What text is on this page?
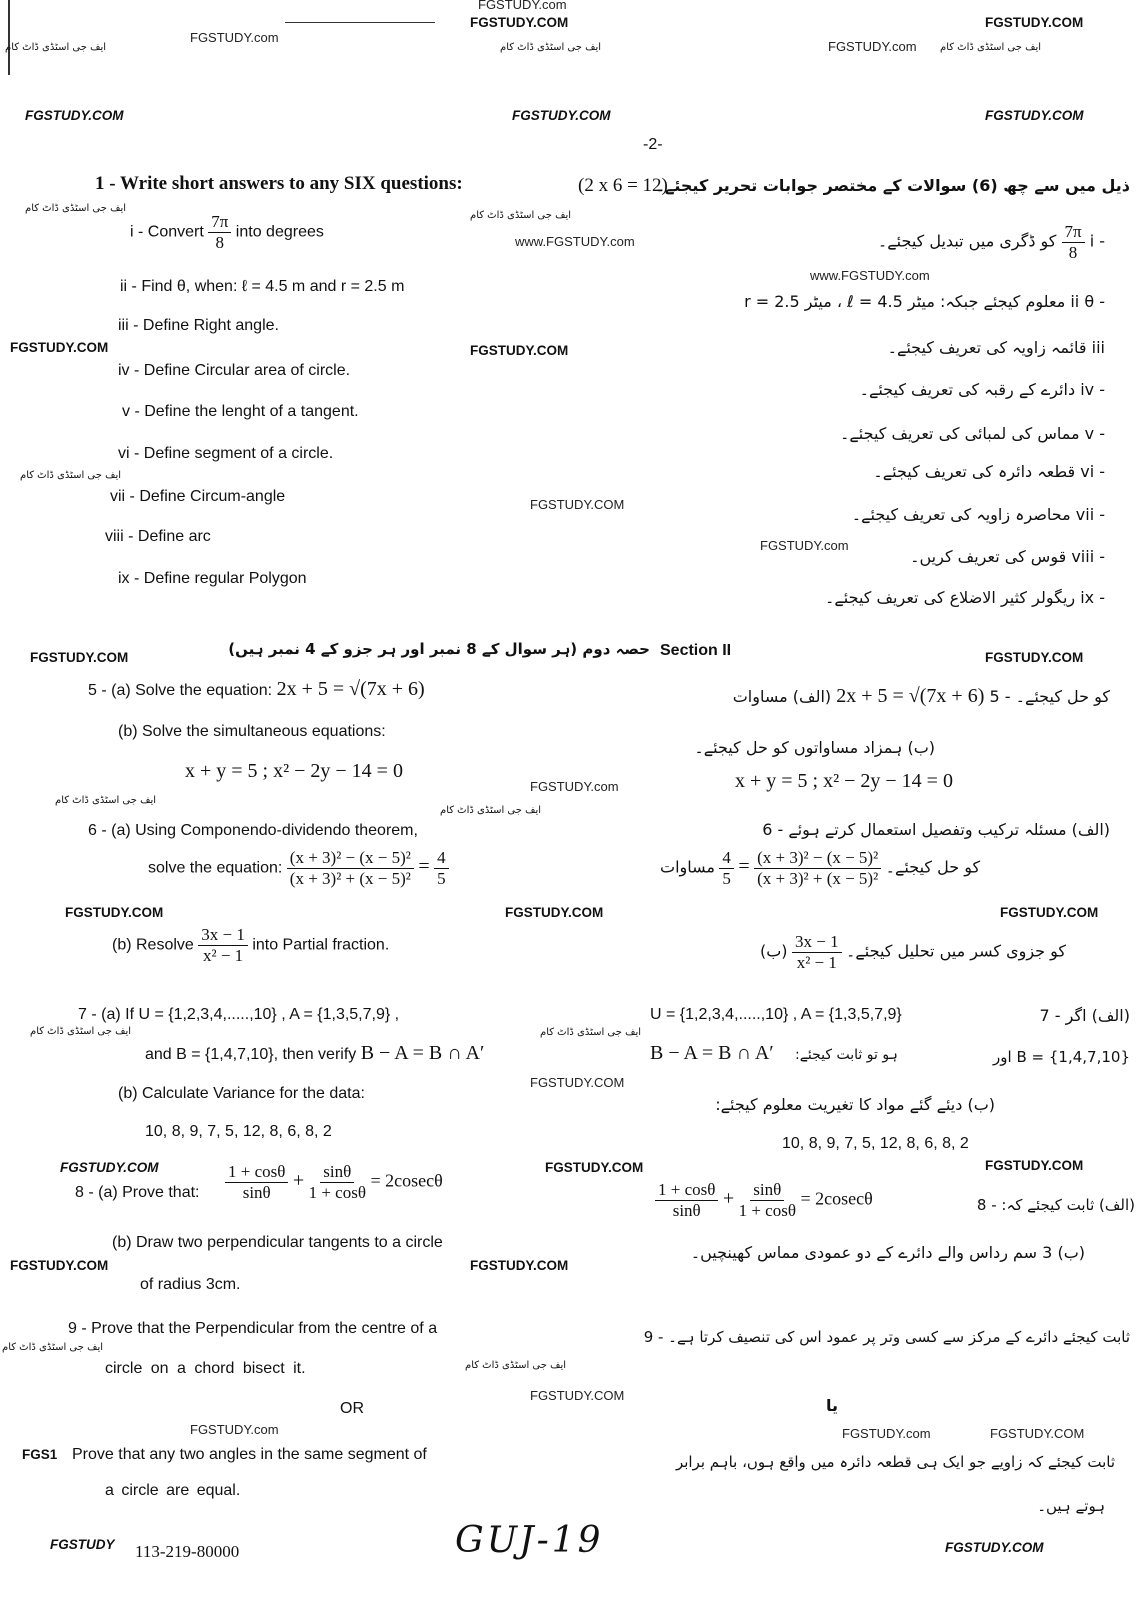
FGSTUDY.com
FGSTUDY.COM	FGSTUDY.COM
FGSTUDY.com
FGSTUDY.com
ایف جی اسٹڈی ڈاٹ کام	ایف جی اسٹڈی ڈاٹ کام	ایف جی اسٹڈی ڈاٹ کام
FGSTUDY.COM	FGSTUDY.COM	FGSTUDY.COM
-2-
1 - Write short answers to any SIX questions:	(2 x 6 = 12)
ذیل میں سے چھ (6) سوالات کے مختصر جوابات تحریر کیجئے۔
ایف جی اسٹڈی ڈاٹ کام
ایف جی اسٹڈی ڈاٹ کام
i - Convert $\frac{7\pi}{8}$ into degrees
www.FGSTUDY.com	- i
$\frac{7\pi}{8}$
کو ڈگری میں تبدیل کیجئے۔
ii - Find θ, when: ℓ = 4.5 m and r = 2.5 m
www.FGSTUDY.com
- ii θ معلوم کیجئے جبکہ: میٹر ℓ = 4.5 ، میٹر r = 2.5
iii - Define Right angle.
iii قائمہ زاویہ کی تعریف کیجئے۔
FGSTUDY.COM	FGSTUDY.COM
iv - Define Circular area of circle.
- iv دائرے کے رقبہ کی تعریف کیجئے۔
v - Define the lenght of a tangent.
- v مماس کی لمبائی کی تعریف کیجئے۔
vi - Define segment of a circle.
- vi قطعہ دائرہ کی تعریف کیجئے۔
ایف جی اسٹڈی ڈاٹ کام
vii - Define Circum-angle	FGSTUDY.COM
- vii محاصرہ زاویہ کی تعریف کیجئے۔
viii - Define arc
FGSTUDY.com
- viii قوس کی تعریف کریں۔
ix - Define regular Polygon
- ix ریگولر کثیر الاضلاع کی تعریف کیجئے۔
Section II
حصہ دوم (ہر سوال کے 8 نمبر اور ہر جزو کے 4 نمبر ہیں)
FGSTUDY.COM	FGSTUDY.COM
5 - (a) Solve the equation: 2x + 5 = √(7x + 6)	کو حل کیجئے۔ - 5 2x + 5 = √(7x + 6) (الف) مساوات
(b) Solve the simultaneous equations:
(ب) ہمزاد مساواتوں کو حل کیجئے۔
x + y = 5 ; x² − 2y − 14 = 0	x + y = 5 ; x² − 2y − 14 = 0
ایف جی اسٹڈی ڈاٹ کام
ایف جی اسٹڈی ڈاٹ کام
FGSTUDY.com
6 - (a) Using Componendo-dividendo theorem,	(الف) مسئلہ ترکیب وتفصیل استعمال کرتے ہوئے - 6
solve the equation: $\frac{\text{(x + 3)² − (x − 5)²}}{\text{(x + 3)² + (x − 5)²}} = \frac{4}{5}$	کو حل کیجئے۔
$\frac{\text{(x + 3)² − (x − 5)²}}{\text{(x + 3)² + (x − 5)²}}$
=
$\frac{4}{5}$
مساوات
FGSTUDY.COM	FGSTUDY.COM	FGSTUDY.COM
(b) Resolve $\frac{3x - 1}{\text{x² − 1}}$ into Partial fraction.	کو جزوی کسر میں تحلیل کیجئے۔
$\frac{3x - 1}{\text{x² − 1}}$
(ب)
7 - (a) If U = {1,2,3,4,.....,10} , A = {1,3,5,7,9} ,	U = {1,2,3,4,.....,10} , A = {1,3,5,7,9}	(الف) اگر - 7
ایف جی اسٹڈی ڈاٹ کام	ایف جی اسٹڈی ڈاٹ کام
and B = {1,4,7,10}, then verify B − A = B ∩ A′	B − A = B ∩ A′ ہو تو ثابت کیجئے:	B = {1,4,7,10} اور
FGSTUDY.COM
(b) Calculate Variance for the data:
(ب) دیئے گئے مواد کا تغیریت معلوم کیجئے:
10, 8, 9, 7, 5, 12, 8, 6, 8, 2
10, 8, 9, 7, 5, 12, 8, 6, 8, 2
FGSTUDY.COM	FGSTUDY.COM	FGSTUDY.COM
8 - (a) Prove that: $\frac{1 + \cos\theta}{\sin\theta} + \frac{\sin\theta}{1 + \cos\theta} = 2cosec\theta$	$\frac{1 + \cos\theta}{\sin\theta} + \frac{\sin\theta}{1 + \cos\theta} = 2cosec\theta$	(الف) ثابت کیجئے کہ: - 8
(b) Draw two perpendicular tangents to a circle
(ب) 3 سم رداس والے دائرے کے دو عمودی مماس کھینچیں۔
FGSTUDY.COM	FGSTUDY.COM
of radius 3cm.
9 - Prove that the Perpendicular from the centre of a	ثابت کیجئے دائرے کے مرکز سے کسی وتر پر عمود اس کی تنصیف کرتا ہے۔ - 9
ایف جی اسٹڈی ڈاٹ کام
ایف جی اسٹڈی ڈاٹ کام
circle on a chord bisect it.
FGSTUDY.COM
OR	یا
FGSTUDY.com	FGSTUDY.com	FGSTUDY.COM
FGS1 Prove that any two angles in the same segment of	ثابت کیجئے کہ زاویے جو ایک ہی قطعہ دائرہ میں واقع ہوں، باہم برابر
a circle are equal.
ہوتے ہیں۔
FGSTUDY 113-219-80000	GUJ-19	FGSTUDY.COM
